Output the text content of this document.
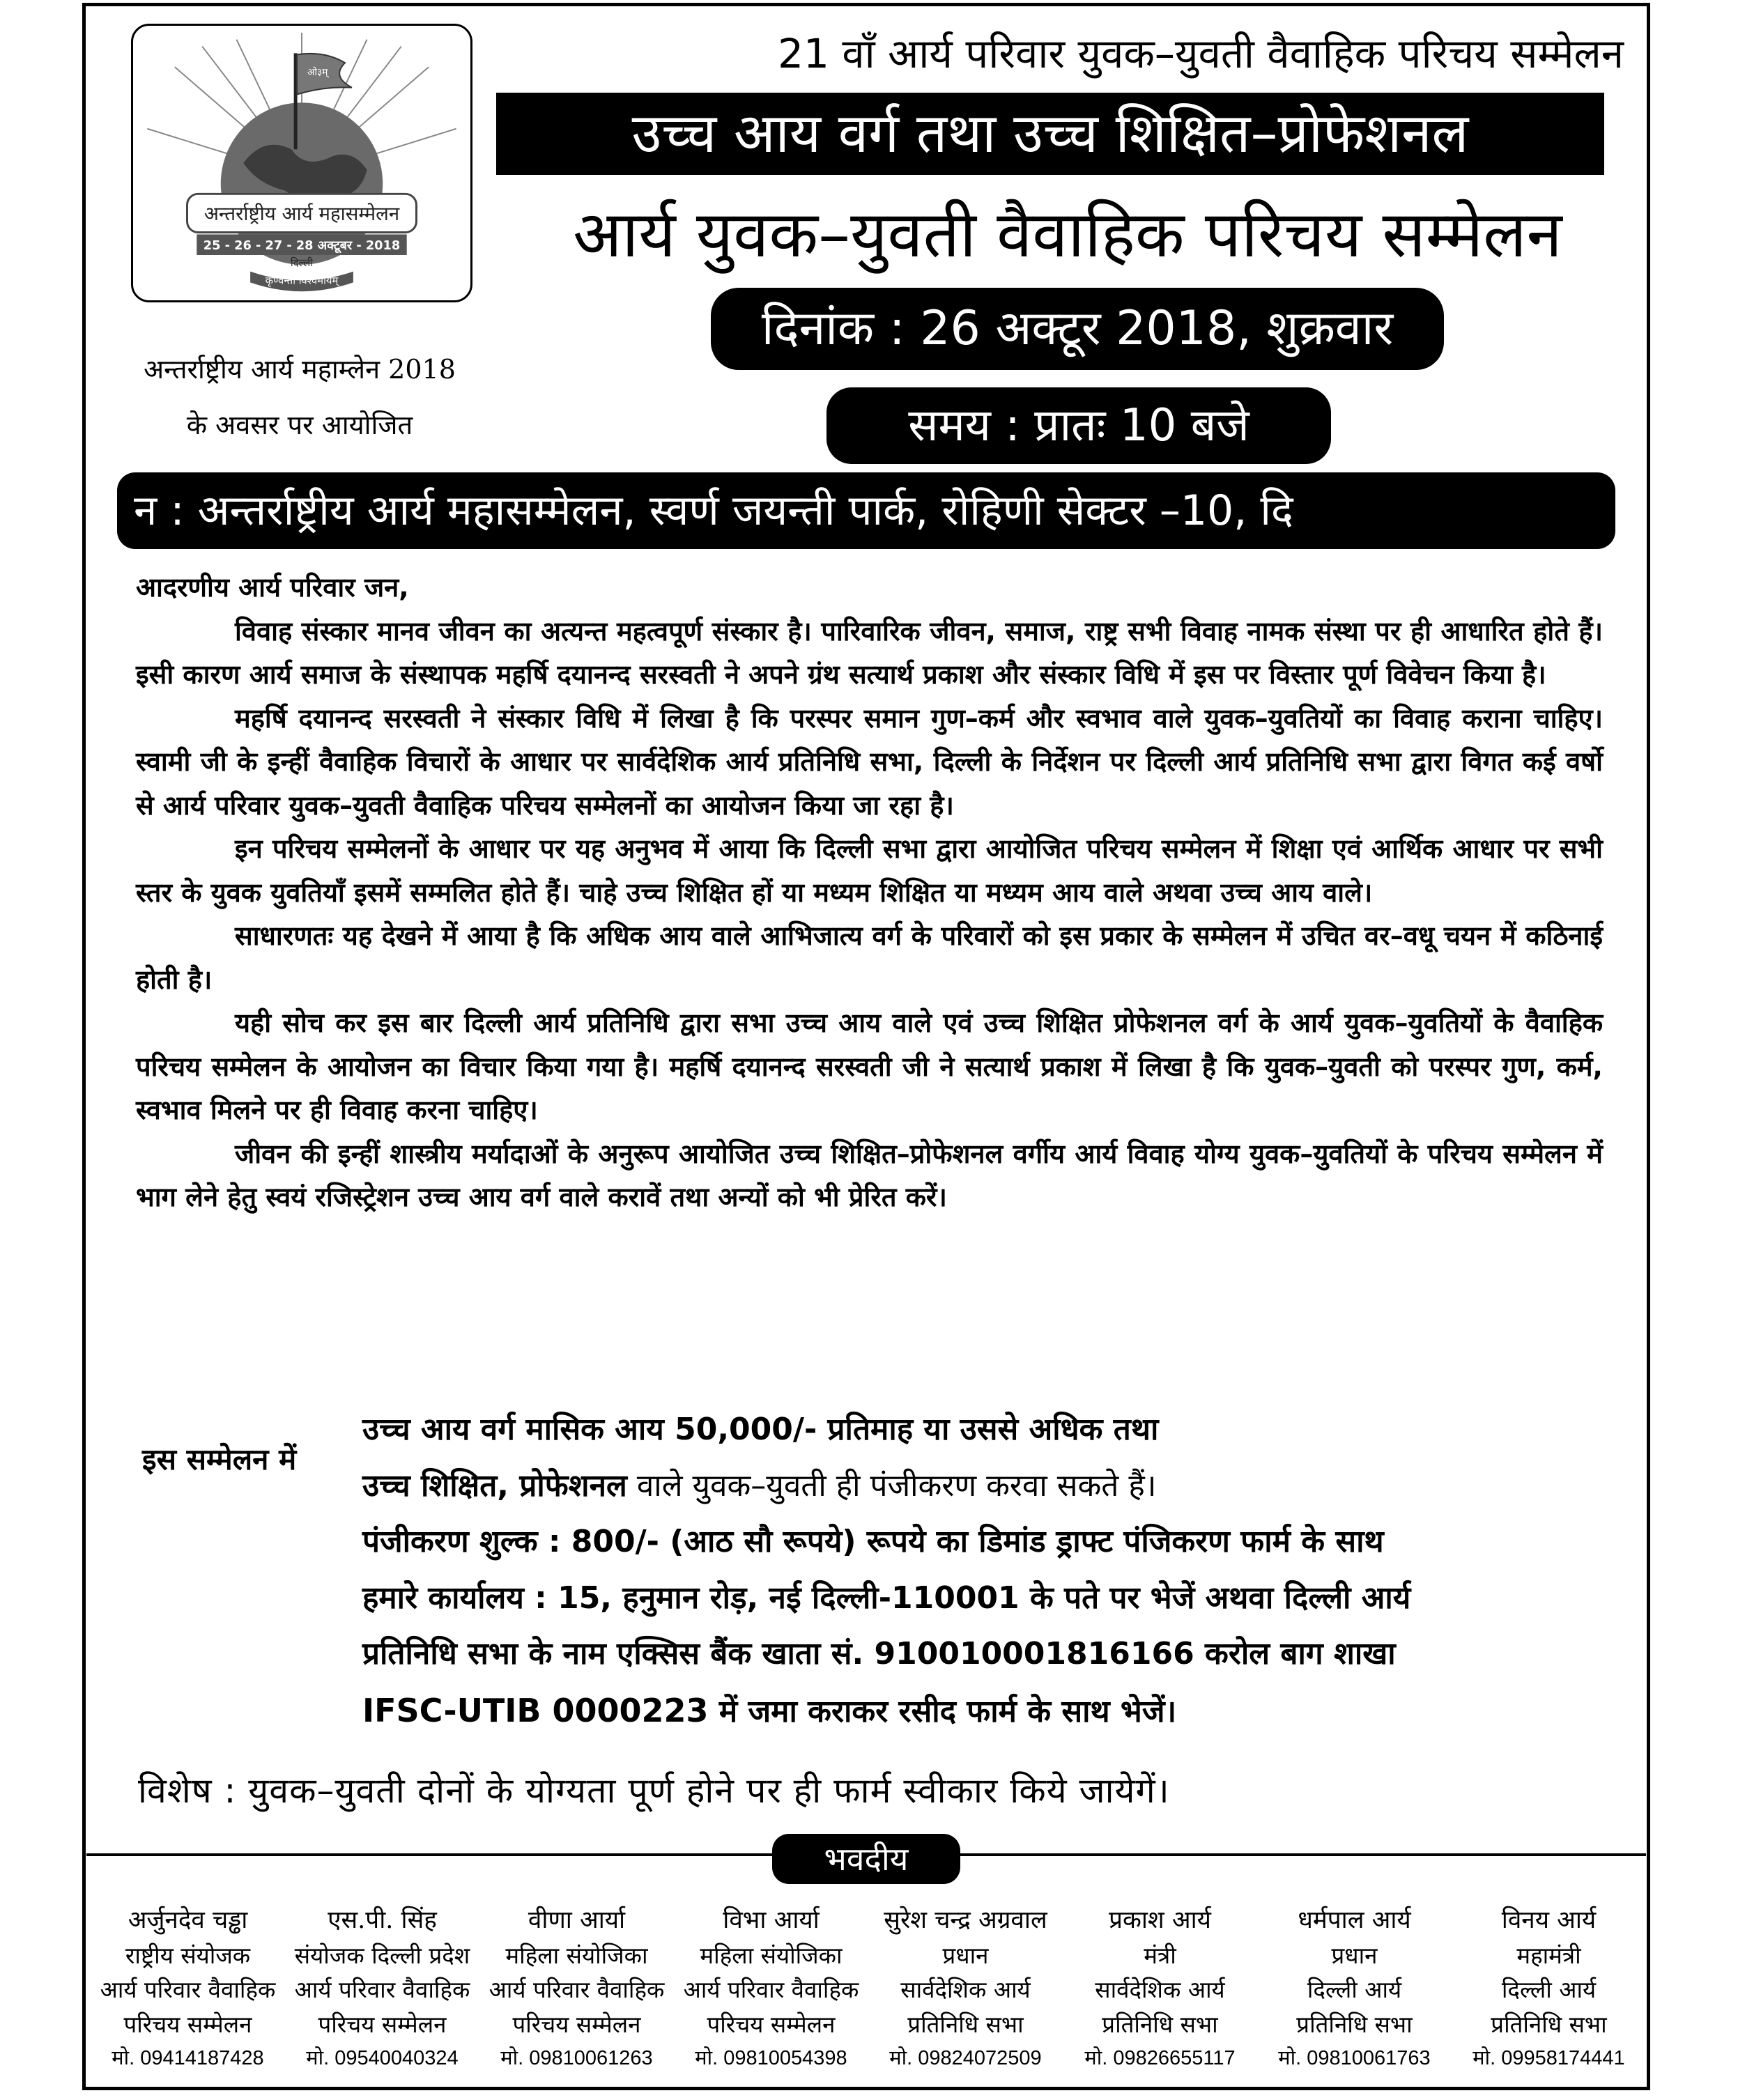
ओ३म्
अन्तर्राष्ट्रीय आर्य महासम्मेलन
25 - 26 - 27 - 28 अक्टूबर - 2018
दिल्ली
कृण्वन्तो विश्वमार्यम्
अन्तर्राष्ट्रीय आर्य महाम्लेन 2018
के अवसर पर आयोजित
21 वाँ आर्य परिवार युवक–युवती वैवाहिक परिचय सम्मेलन
उच्च आय वर्ग तथा उच्च शिक्षित–प्रोफेशनल
आर्य युवक–युवती वैवाहिक परिचय सम्मेलन
दिनांक : 26 अक्टूर 2018, शुक्रवार
समय : प्रातः 10 बजे
न : अन्तर्राष्ट्रीय आर्य महासम्मेलन, स्वर्ण जयन्ती पार्क, रोहिणी सेक्टर –10, दि

आदरणीय आर्य परिवार जन,

विवाह संस्कार मानव जीवन का अत्यन्त महत्वपूर्ण संस्कार है। पारिवारिक जीवन, समाज, राष्ट्र सभी विवाह नामक संस्था पर ही आधारित होते हैं। इसी कारण आर्य समाज के संस्थापक महर्षि दयानन्द सरस्वती ने अपने ग्रंथ सत्यार्थ प्रकाश और संस्कार विधि में इस पर विस्तार पूर्ण विवेचन किया है।

महर्षि दयानन्द सरस्वती ने संस्कार विधि में लिखा है कि परस्पर समान गुण–कर्म और स्वभाव वाले युवक–युवतियों का विवाह कराना चाहिए। स्वामी जी के इन्हीं वैवाहिक विचारों के आधार पर सार्वदेशिक आर्य प्रतिनिधि सभा, दिल्ली के निर्देशन पर दिल्ली आर्य प्रतिनिधि सभा द्वारा विगत कई वर्षो से आर्य परिवार युवक–युवती वैवाहिक परिचय सम्मेलनों का आयोजन किया जा रहा है।

इन परिचय सम्मेलनों के आधार पर यह अनुभव में आया कि दिल्ली सभा द्वारा आयोजित परिचय सम्मेलन में शिक्षा एवं आर्थिक आधार पर सभी स्तर के युवक युवतियाँ इसमें सम्मलित होते हैं। चाहे उच्च शिक्षित हों या मध्यम शिक्षित या मध्यम आय वाले अथवा उच्च आय वाले।

साधारणतः यह देखने में आया है कि अधिक आय वाले आभिजात्य वर्ग के परिवारों को इस प्रकार के सम्मेलन में उचित वर–वधू चयन में कठिनाई होती है।

यही सोच कर इस बार दिल्ली आर्य प्रतिनिधि द्वारा सभा उच्च आय वाले एवं उच्च शिक्षित प्रोफेशनल वर्ग के आर्य युवक–युवतियों के वैवाहिक परिचय सम्मेलन के आयोजन का विचार किया गया है। महर्षि दयानन्द सरस्वती जी ने सत्यार्थ प्रकाश में लिखा है कि युवक–युवती को परस्पर गुण, कर्म, स्वभाव मिलने पर ही विवाह करना चाहिए।

जीवन की इन्हीं शास्त्रीय मर्यादाओं के अनुरूप आयोजित उच्च शिक्षित–प्रोफेशनल वर्गीय आर्य विवाह योग्य युवक–युवतियों के परिचय सम्मेलन में भाग लेने हेतु स्वयं रजिस्ट्रेशन उच्च आय वर्ग वाले करावें तथा अन्यों को भी प्रेरित करें।

इस सम्मेलन में
उच्च आय वर्ग मासिक आय 50,000/- प्रतिमाह या उससे अधिक तथा
उच्च शिक्षित, प्रोफेशनल वाले युवक–युवती ही पंजीकरण करवा सकते हैं।
पंजीकरण शुल्क : 800/- (आठ सौ रूपये) रूपये का डिमांड ड्राफ्ट पंजिकरण फार्म के साथ
हमारे कार्यालय : 15, हनुमान रोड़, नई दिल्ली-110001 के पते पर भेजें अथवा दिल्ली आर्य
प्रतिनिधि सभा के नाम एक्सिस बैंक खाता सं. 910010001816166 करोल बाग शाखा
IFSC-UTIB 0000223 में जमा कराकर रसीद फार्म के साथ भेजें।
विशेष : युवक–युवती दोनों के योग्यता पूर्ण होने पर ही फार्म स्वीकार किये जायेगें।
भवदीय
अर्जुनदेव चड्ढा
राष्ट्रीय संयोजक
आर्य परिवार वैवाहिक
परिचय सम्मेलन
मो. 09414187428
एस.पी. सिंह
संयोजक दिल्ली प्रदेश
आर्य परिवार वैवाहिक
परिचय सम्मेलन
मो. 09540040324
वीणा आर्या
महिला संयोजिका
आर्य परिवार वैवाहिक
परिचय सम्मेलन
मो. 09810061263
विभा आर्या
महिला संयोजिका
आर्य परिवार वैवाहिक
परिचय सम्मेलन
मो. 09810054398
सुरेश चन्द्र अग्रवाल
प्रधान
सार्वदेशिक आर्य
प्रतिनिधि सभा
मो. 09824072509
प्रकाश आर्य
मंत्री
सार्वदेशिक आर्य
प्रतिनिधि सभा
मो. 09826655117
धर्मपाल आर्य
प्रधान
दिल्ली आर्य
प्रतिनिधि सभा
मो. 09810061763
विनय आर्य
महामंत्री
दिल्ली आर्य
प्रतिनिधि सभा
मो. 09958174441
